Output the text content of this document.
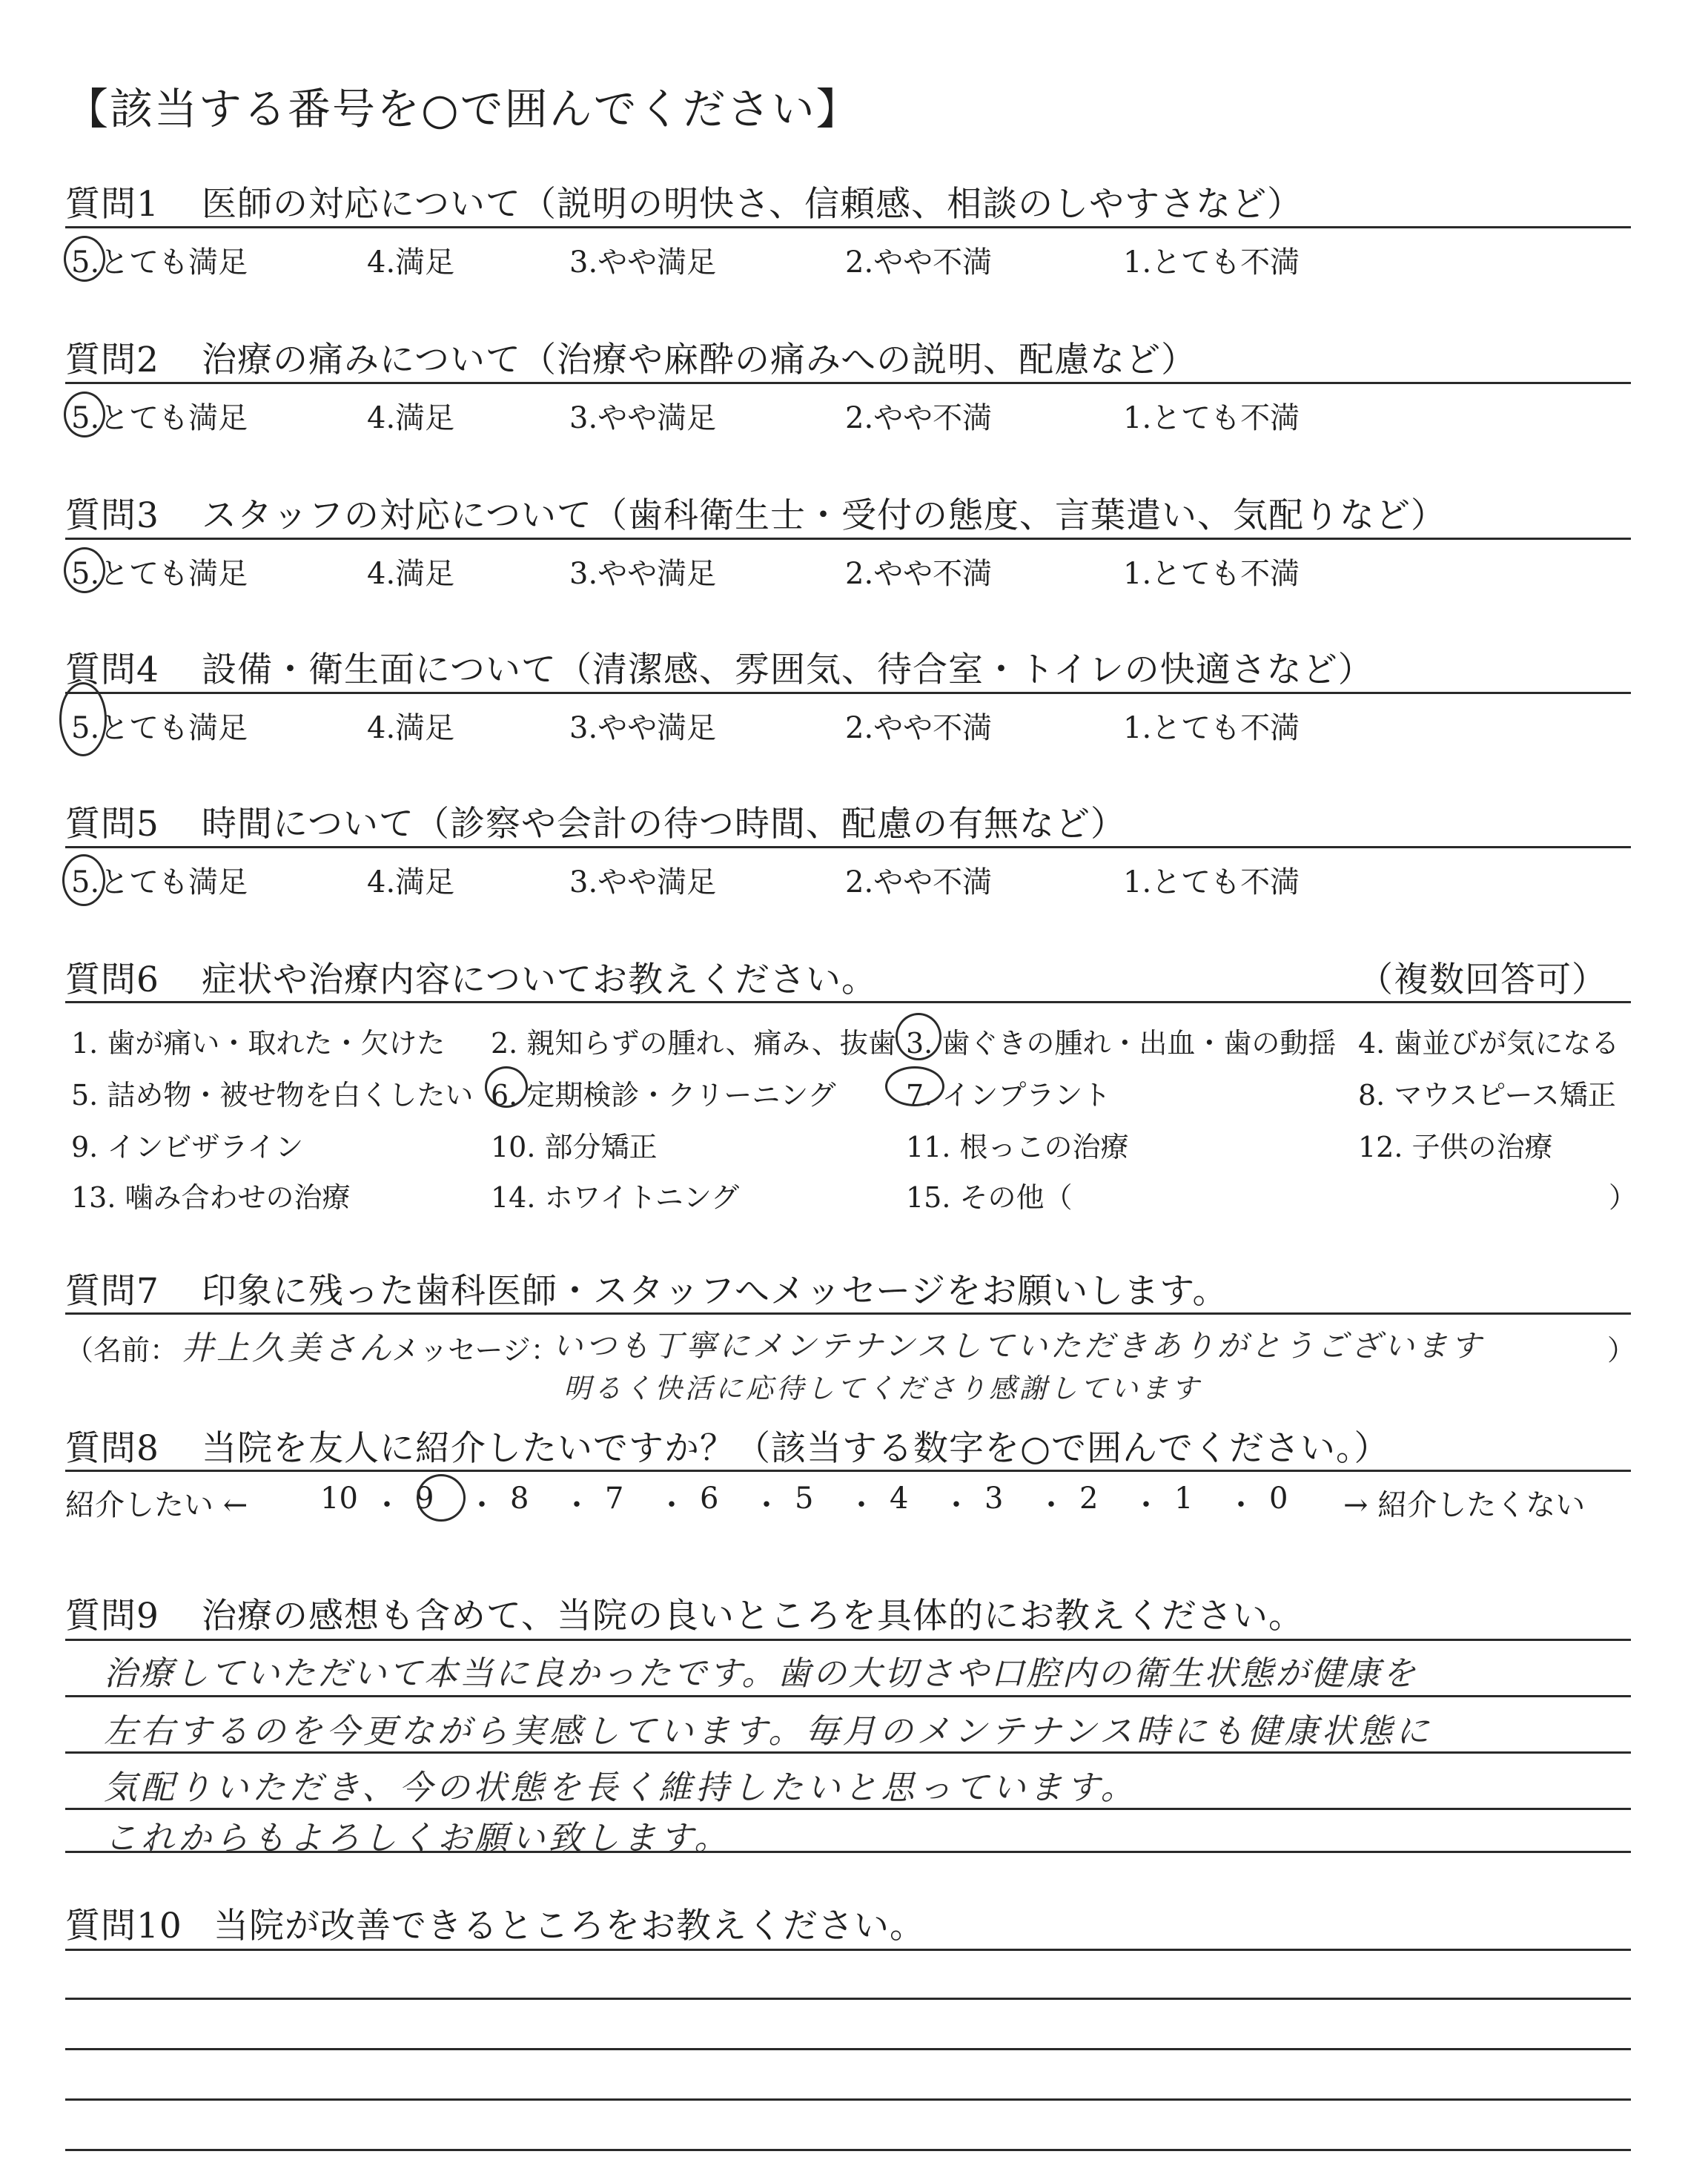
【該当する番号を○で囲んでください】
質問1 医師の対応について（説明の明快さ、信頼感、相談のしやすさなど）
5.とても満足	4.満足	3.やや満足	2.やや不満	1.とても不満
質問2 治療の痛みについて（治療や麻酔の痛みへの説明、配慮など）
5.とても満足	4.満足	3.やや満足	2.やや不満	1.とても不満
質問3 スタッフの対応について（歯科衛生士・受付の態度、言葉遣い、気配りなど）
5.とても満足	4.満足	3.やや満足	2.やや不満	1.とても不満
質問4 設備・衛生面について（清潔感、雰囲気、待合室・トイレの快適さなど）
5.とても満足	4.満足	3.やや満足	2.やや不満	1.とても不満
質問5 時間について（診察や会計の待つ時間、配慮の有無など）
5.とても満足	4.満足	3.やや満足	2.やや不満	1.とても不満
質問6 症状や治療内容についてお教えください。	（複数回答可）
1. 歯が痛い・取れた・欠けた 2. 親知らずの腫れ、痛み、抜歯 3. 歯ぐきの腫れ・出血・歯の動揺 4. 歯並びが気になる
5. 詰め物・被せ物を白くしたい 6. 定期検診・クリーニング 7. インプラント	8. マウスピース矯正
9. インビザライン	10. 部分矯正	11. 根っこの治療	12. 子供の治療
13. 噛み合わせの治療	14. ホワイトニング	15. その他（	）
質問7 印象に残った歯科医師・スタッフへメッセージをお願いします。
（名前： 井上久美さん
メッセージ：
いつも丁寧にメンテナンスしていただきありがとうございます	）
明るく快活に応待してくださり感謝しています
質問8 当院を友人に紹介したいですか？（該当する数字を○で囲んでください。）
紹介したい ← 10 ・ 9 ・ 8 ・ 7 ・ 6 ・ 5 ・ 4 ・ 3 ・ 2 ・ 1 ・ 0 → 紹介したくない
質問9 治療の感想も含めて、当院の良いところを具体的にお教えください。
治療していただいて本当に良かったです。歯の大切さや口腔内の衛生状態が健康を
左右するのを今更ながら実感しています。毎月のメンテナンス時にも健康状態に
気配りいただき、今の状態を長く維持したいと思っています。
これからもよろしくお願い致します。
質問10 当院が改善できるところをお教えください。
